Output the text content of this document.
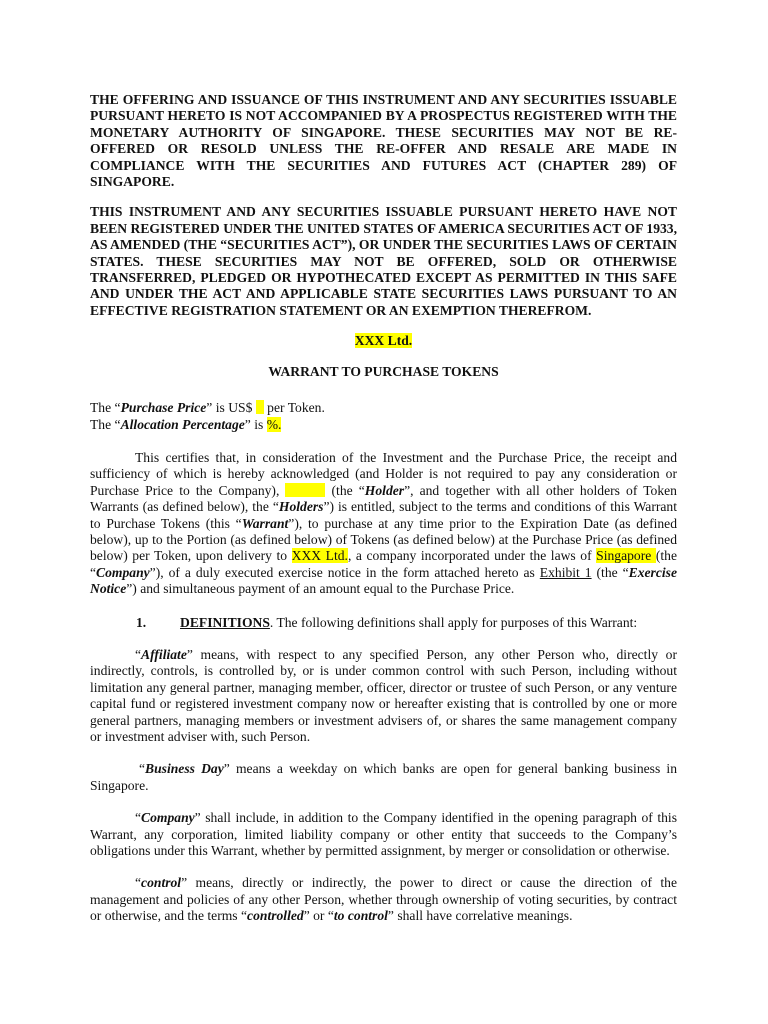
THE OFFERING AND ISSUANCE OF THIS INSTRUMENT AND ANY SECURITIES ISSUABLE PURSUANT HERETO IS NOT ACCOMPANIED BY A PROSPECTUS REGISTERED WITH THE MONETARY AUTHORITY OF SINGAPORE. THESE SECURITIES MAY NOT BE RE-OFFERED OR RESOLD UNLESS THE RE-OFFER AND RESALE ARE MADE IN COMPLIANCE WITH THE SECURITIES AND FUTURES ACT (CHAPTER 289) OF SINGAPORE.

THIS INSTRUMENT AND ANY SECURITIES ISSUABLE PURSUANT HERETO HAVE NOT BEEN REGISTERED UNDER THE UNITED STATES OF AMERICA SECURITIES ACT OF 1933, AS AMENDED (THE “SECURITIES ACT”), OR UNDER THE SECURITIES LAWS OF CERTAIN STATES. THESE SECURITIES MAY NOT BE OFFERED, SOLD OR OTHERWISE TRANSFERRED, PLEDGED OR HYPOTHECATED EXCEPT AS PERMITTED IN THIS SAFE AND UNDER THE ACT AND APPLICABLE STATE SECURITIES LAWS PURSUANT TO AN EFFECTIVE REGISTRATION STATEMENT OR AN EXEMPTION THEREFROM.

XXX Ltd.

WARRANT TO PURCHASE TOKENS

The “Purchase Price” is US$  per Token.

The “Allocation Percentage” is %.

This certifies that, in consideration of the Investment and the Purchase Price, the receipt and sufficiency of which is hereby acknowledged (and Holder is not required to pay any consideration or Purchase Price to the Company),	(the “Holder”, and together with all other holders of Token Warrants (as defined below), the “Holders”) is entitled, subject to the terms and conditions of this Warrant to Purchase Tokens (this “Warrant”), to purchase at any time prior to the Expiration Date (as defined below), up to the Portion (as defined below) of Tokens (as defined below) at the Purchase Price (as defined below) per Token, upon delivery to XXX Ltd., a company incorporated under the laws of Singapore (the “Company”), of a duly executed exercise notice in the form attached hereto as Exhibit 1 (the “Exercise Notice”) and simultaneous payment of an amount equal to the Purchase Price.

1. DEFINITIONS. The following definitions shall apply for purposes of this Warrant:

“Affiliate” means, with respect to any specified Person, any other Person who, directly or indirectly, controls, is controlled by, or is under common control with such Person, including without limitation any general partner, managing member, officer, director or trustee of such Person, or any venture capital fund or registered investment company now or hereafter existing that is controlled by one or more general partners, managing members or investment advisers of, or shares the same management company or investment adviser with, such Person.

“Business Day” means a weekday on which banks are open for general banking business in Singapore.

“Company” shall include, in addition to the Company identified in the opening paragraph of this Warrant, any corporation, limited liability company or other entity that succeeds to the Company’s obligations under this Warrant, whether by permitted assignment, by merger or consolidation or otherwise.

“control” means, directly or indirectly, the power to direct or cause the direction of the management and policies of any other Person, whether through ownership of voting securities, by contract or otherwise, and the terms “controlled” or “to control” shall have correlative meanings.
